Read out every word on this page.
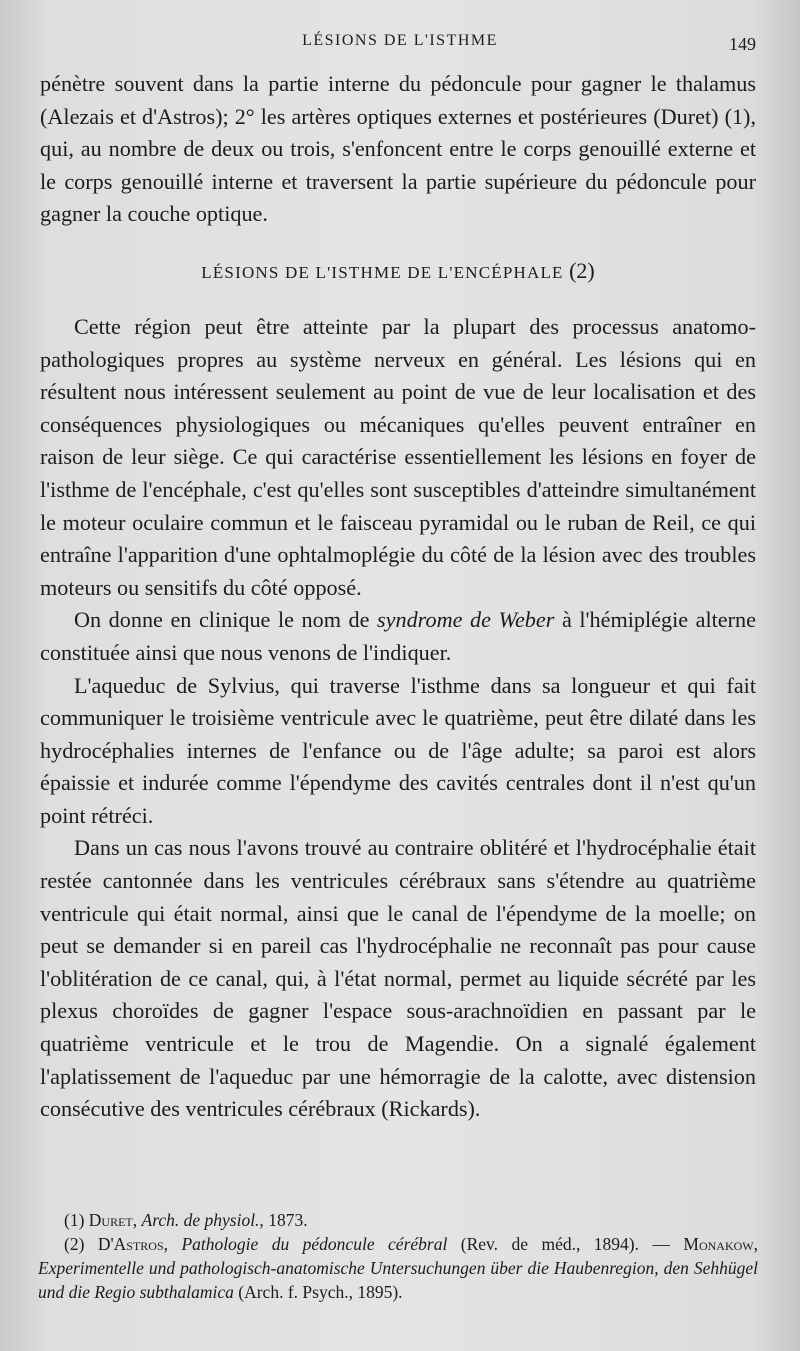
LÉSIONS DE L'ISTHME	149

pénètre souvent dans la partie interne du pédoncule pour gagner le thalamus (Alezais et d'Astros); 2° les artères optiques externes et postérieures (Duret) (1), qui, au nombre de deux ou trois, s'enfoncent entre le corps genouillé externe et le corps genouillé interne et traversent la partie supérieure du pédoncule pour gagner la couche optique.

LÉSIONS DE L'ISTHME DE L'ENCÉPHALE (2)

Cette région peut être atteinte par la plupart des processus anatomo-pathologiques propres au système nerveux en général. Les lésions qui en résultent nous intéressent seulement au point de vue de leur localisation et des conséquences physiologiques ou mécaniques qu'elles peuvent entraîner en raison de leur siège. Ce qui caractérise essentiellement les lésions en foyer de l'isthme de l'encéphale, c'est qu'elles sont susceptibles d'atteindre simultanément le moteur oculaire commun et le faisceau pyramidal ou le ruban de Reil, ce qui entraîne l'apparition d'une ophtalmoplégie du côté de la lésion avec des troubles moteurs ou sensitifs du côté opposé.

On donne en clinique le nom de syndrome de Weber à l'hémiplégie alterne constituée ainsi que nous venons de l'indiquer.

L'aqueduc de Sylvius, qui traverse l'isthme dans sa longueur et qui fait communiquer le troisième ventricule avec le quatrième, peut être dilaté dans les hydrocéphalies internes de l'enfance ou de l'âge adulte; sa paroi est alors épaissie et indurée comme l'épendyme des cavités centrales dont il n'est qu'un point rétréci.

Dans un cas nous l'avons trouvé au contraire oblitéré et l'hydrocéphalie était restée cantonnée dans les ventricules cérébraux sans s'étendre au quatrième ventricule qui était normal, ainsi que le canal de l'épendyme de la moelle; on peut se demander si en pareil cas l'hydrocéphalie ne reconnaît pas pour cause l'oblitération de ce canal, qui, à l'état normal, permet au liquide sécrété par les plexus choroïdes de gagner l'espace sous-arachnoïdien en passant par le quatrième ventricule et le trou de Magendie. On a signalé également l'aplatissement de l'aqueduc par une hémorragie de la calotte, avec distension consécutive des ventricules cérébraux (Rickards).

(1) Duret, Arch. de physiol., 1873.

(2) D'Astros, Pathologie du pédoncule cérébral (Rev. de méd., 1894). — Monakow, Experimentelle und pathologisch-anatomische Untersuchungen über die Haubenregion, den Sehhügel und die Regio subthalamica (Arch. f. Psych., 1895).
